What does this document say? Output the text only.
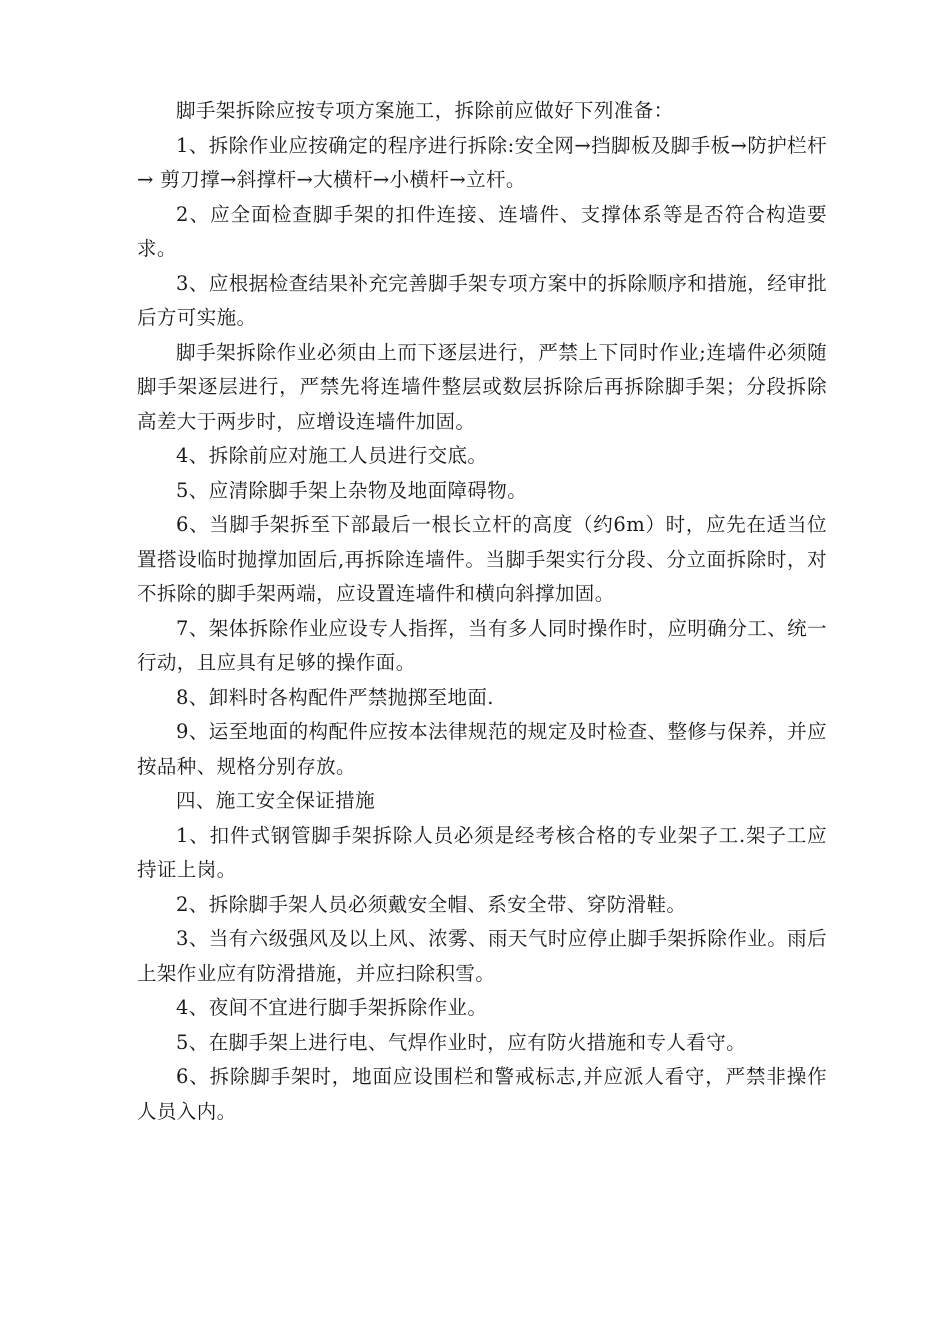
脚手架拆除应按专项方案施工，拆除前应做好下列准备：

1、拆除作业应按确定的程序进行拆除:安全网→挡脚板及脚手板→防护栏杆→ 剪刀撑→斜撑杆→大横杆→小横杆→立杆。

2、应全面检查脚手架的扣件连接、连墙件、支撑体系等是否符合构造要求。

3、应根据检查结果补充完善脚手架专项方案中的拆除顺序和措施，经审批后方可实施。

脚手架拆除作业必须由上而下逐层进行，严禁上下同时作业;连墙件必须随脚手架逐层进行，严禁先将连墙件整层或数层拆除后再拆除脚手架；分段拆除高差大于两步时，应增设连墙件加固。

4、拆除前应对施工人员进行交底。

5、应清除脚手架上杂物及地面障碍物。

6、当脚手架拆至下部最后一根长立杆的高度（约6m）时，应先在适当位置搭设临时抛撑加固后,再拆除连墙件。当脚手架实行分段、分立面拆除时，对不拆除的脚手架两端，应设置连墙件和横向斜撑加固。

7、架体拆除作业应设专人指挥，当有多人同时操作时，应明确分工、统一行动，且应具有足够的操作面。

8、卸料时各构配件严禁抛掷至地面.

9、运至地面的构配件应按本法律规范的规定及时检查、整修与保养，并应按品种、规格分别存放。

四、施工安全保证措施

1、扣件式钢管脚手架拆除人员必须是经考核合格的专业架子工.架子工应持证上岗。

2、拆除脚手架人员必须戴安全帽、系安全带、穿防滑鞋。

3、当有六级强风及以上风、浓雾、雨天气时应停止脚手架拆除作业。雨后上架作业应有防滑措施，并应扫除积雪。

4、夜间不宜进行脚手架拆除作业。

5、在脚手架上进行电、气焊作业时，应有防火措施和专人看守。

6、拆除脚手架时，地面应设围栏和警戒标志,并应派人看守，严禁非操作人员入内。
